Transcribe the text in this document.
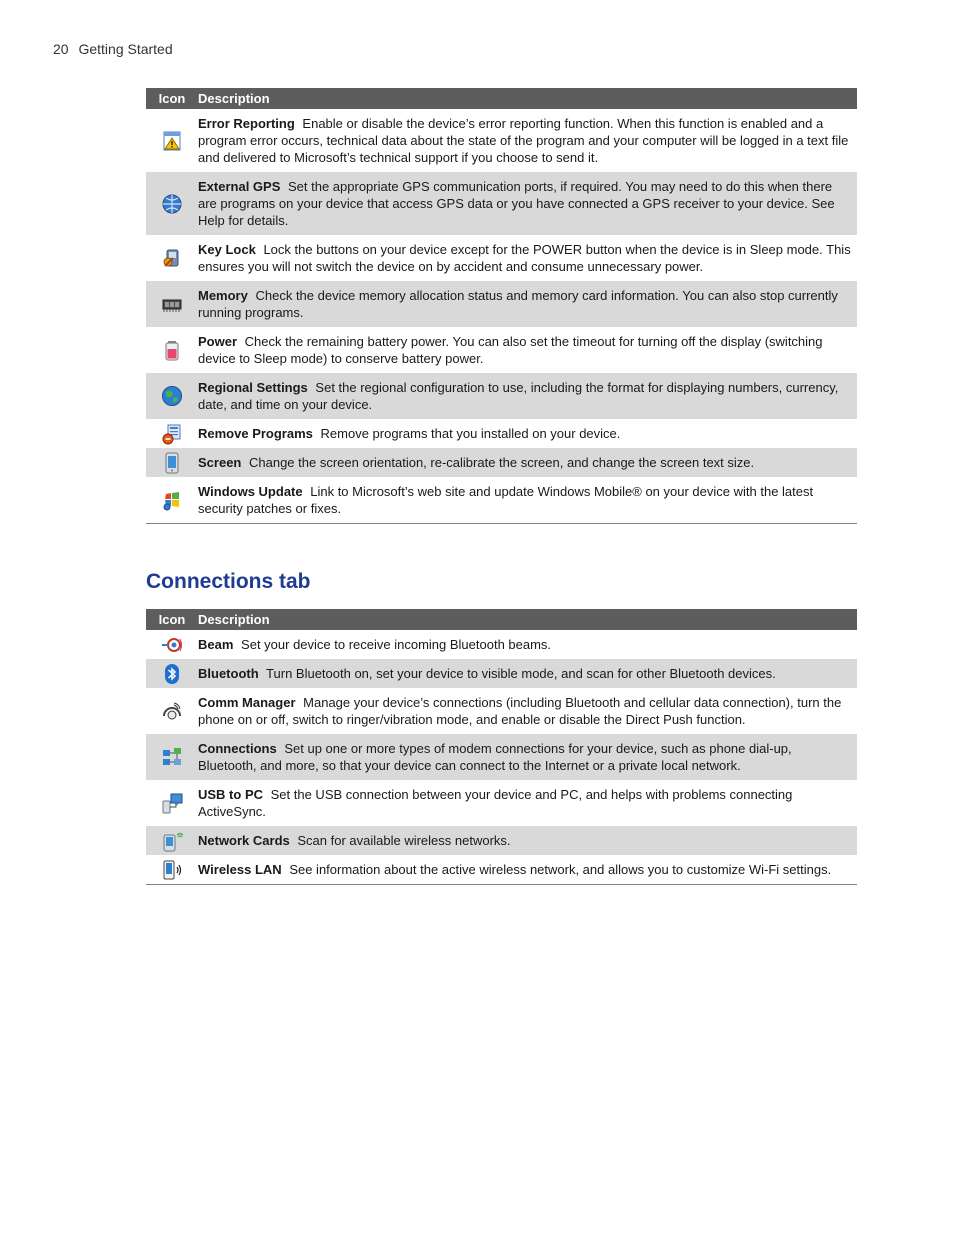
20 Getting Started
Icon	Description
	Error Reporting Enable or disable the device’s error reporting function. When this function is enabled and a program error occurs, technical data about the state of the program and your computer will be logged in a text file and delivered to Microsoft’s technical support if you choose to send it.
	External GPS Set the appropriate GPS communication ports, if required. You may need to do this when there are programs on your device that access GPS data or you have connected a GPS receiver to your device. See Help for details.
	Key Lock Lock the buttons on your device except for the POWER button when the device is in Sleep mode. This ensures you will not switch the device on by accident and consume unnecessary power.
	Memory Check the device memory allocation status and memory card information. You can also stop currently running programs.
	Power Check the remaining battery power. You can also set the timeout for turning off the display (switching device to Sleep mode) to conserve battery power.
	Regional Settings Set the regional configuration to use, including the format for displaying numbers, currency, date, and time on your device.
	Remove Programs Remove programs that you installed on your device.
	Screen Change the screen orientation, re-calibrate the screen, and change the screen text size.
	Windows Update Link to Microsoft’s web site and update Windows Mobile® on your device with the latest security patches or fixes.
Connections tab
Icon	Description
	Beam Set your device to receive incoming Bluetooth beams.
	Bluetooth Turn Bluetooth on, set your device to visible mode, and scan for other Bluetooth devices.
	Comm Manager Manage your device’s connections (including Bluetooth and cellular data connection), turn the phone on or off, switch to ringer/vibration mode, and enable or disable the Direct Push function.
	Connections Set up one or more types of modem connections for your device, such as phone dial-up, Bluetooth, and more, so that your device can connect to the Internet or a private local network.
	USB to PC Set the USB connection between your device and PC, and helps with problems connecting ActiveSync.
	Network Cards Scan for available wireless networks.
	Wireless LAN See information about the active wireless network, and allows you to customize Wi-Fi settings.
